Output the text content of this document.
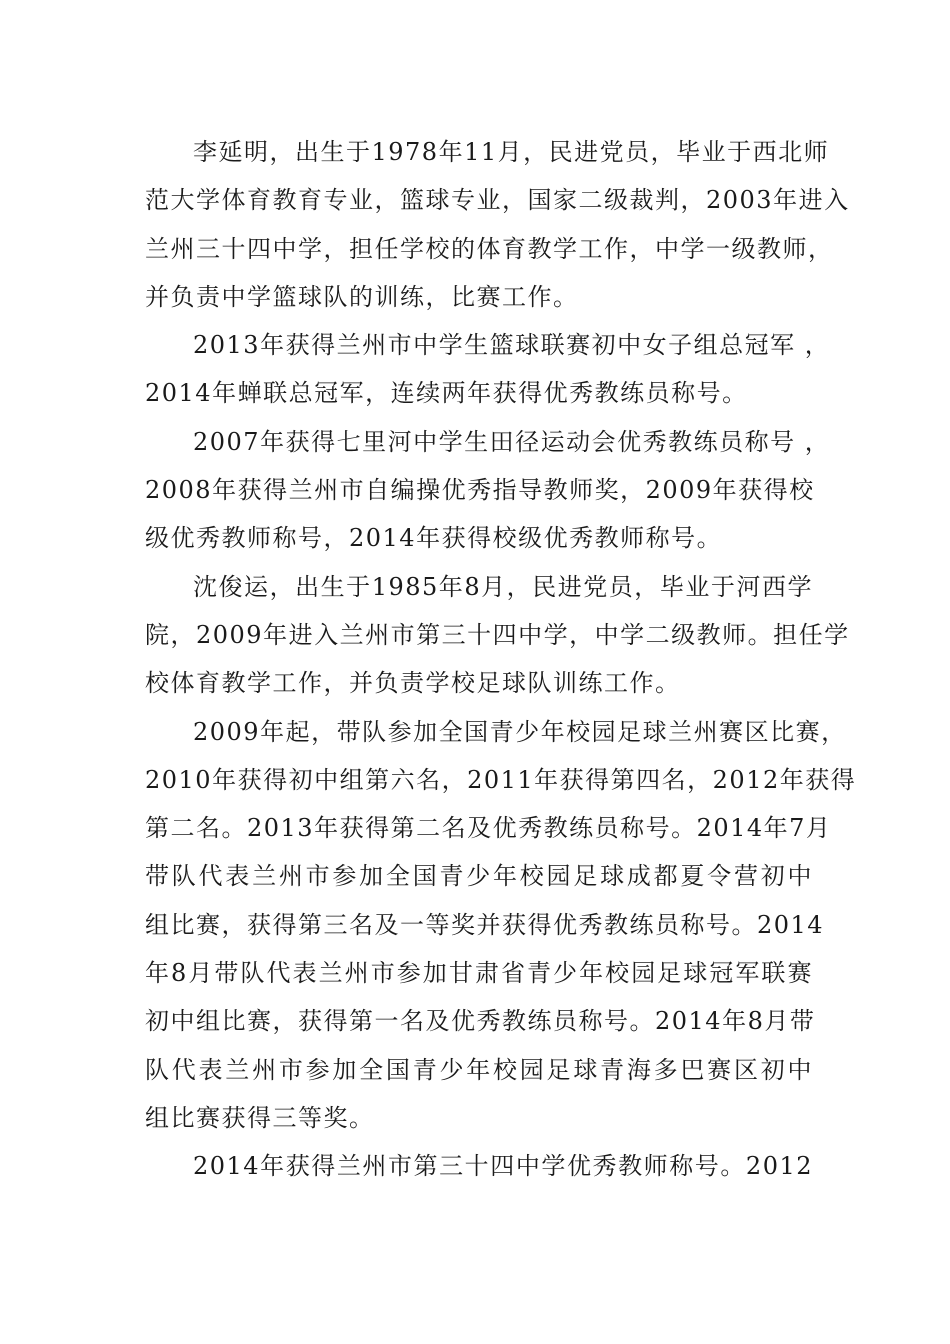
李延明，出生于1978年11月，民进党员，毕业于西北师
范大学体育教育专业，篮球专业，国家二级裁判，2003年进入
兰州三十四中学，担任学校的体育教学工作，中学一级教师，
并负责中学篮球队的训练，比赛工作。
2013年获得兰州市中学生篮球联赛初中女子组总冠军 ，
2014年蝉联总冠军，连续两年获得优秀教练员称号。
2007年获得七里河中学生田径运动会优秀教练员称号 ，
2008年获得兰州市自编操优秀指导教师奖，2009年获得校
级优秀教师称号，2014年获得校级优秀教师称号。
沈俊运，出生于1985年8月，民进党员，毕业于河西学
院，2009年进入兰州市第三十四中学，中学二级教师。担任学
校体育教学工作，并负责学校足球队训练工作。
2009年起，带队参加全国青少年校园足球兰州赛区比赛，
2010年获得初中组第六名，2011年获得第四名，2012年获得
第二名。2013年获得第二名及优秀教练员称号。2014年7月
带队代表兰州市参加全国青少年校园足球成都夏令营初中
组比赛，获得第三名及一等奖并获得优秀教练员称号。2014
年8月带队代表兰州市参加甘肃省青少年校园足球冠军联赛
初中组比赛，获得第一名及优秀教练员称号。2014年8月带
队代表兰州市参加全国青少年校园足球青海多巴赛区初中
组比赛获得三等奖。
2014年获得兰州市第三十四中学优秀教师称号。2012
